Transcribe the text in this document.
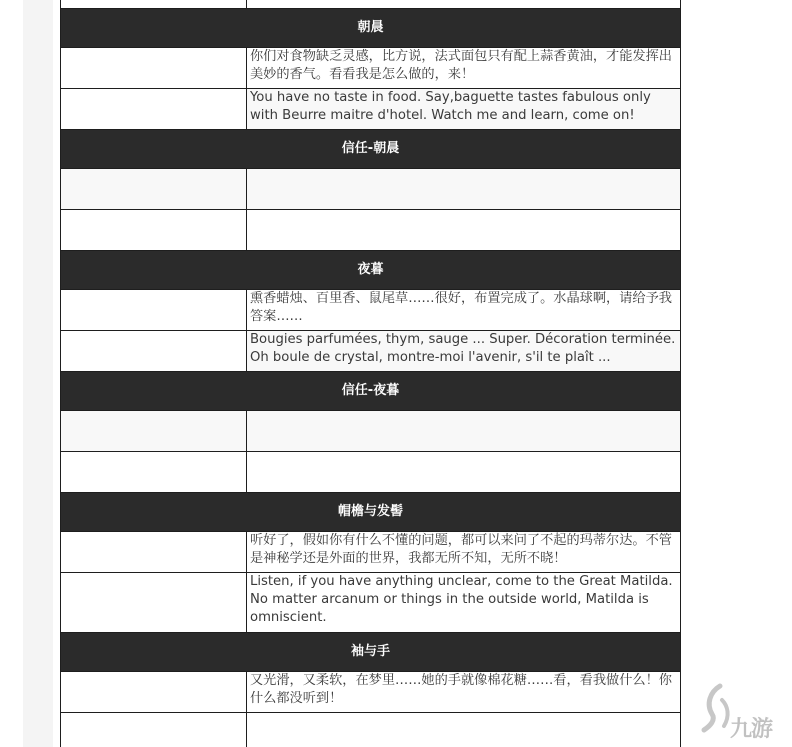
朝晨	
	你们对食物缺乏灵感，比方说，法式面包只有配上蒜香黄油，才能发挥出美妙的香气。看看我是怎么做的，来！
	You have no taste in food. Say,baguette tastes fabulous only with Beurre maitre d'hotel. Watch me and learn, come on!
信任-朝晨	

夜暮	
	熏香蜡烛、百里香、鼠尾草……很好，布置完成了。水晶球啊，请给予我答案……
	Bougies parfumées, thym, sauge ... Super. Décoration terminée. Oh boule de crystal, montre-moi l'avenir, s'il te plaît ...
信任-夜暮	

帽檐与发髻	
	听好了，假如你有什么不懂的问题，都可以来问了不起的玛蒂尔达。不管是神秘学还是外面的世界，我都无所不知，无所不晓！
	Listen, if you have anything unclear, come to the Great Matilda. No matter arcanum or things in the outside world, Matilda is omniscient.
袖与手	
	又光滑，又柔软，在梦里……她的手就像棉花糖……看，看我做什么！你什么都没听到！

九游
